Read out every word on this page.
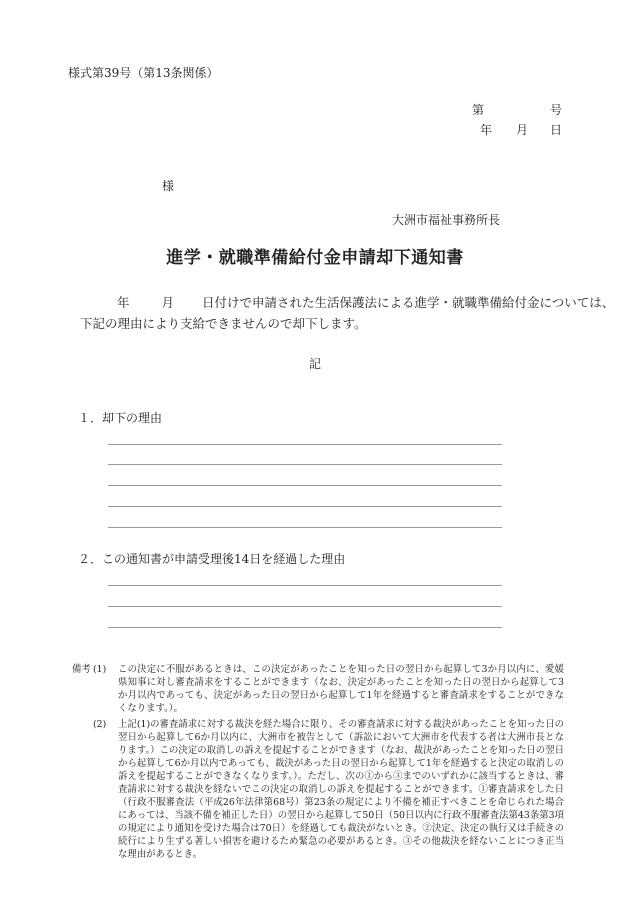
様式第39号（第13条関係）
第	号
年 月 日
様
大洲市福祉事務所長
進学・就職準備給付金申請却下通知書
年	月 日付けで申請された生活保護法による進学・就職準備給付金については、
下記の理由により支給できませんので却下します。
記
１．却下の理由
２．この通知書が申請受理後14日を経過した理由
備考 (1) この決定に不服があるときは、この決定があったことを知った日の翌日から起算して3か月以内に、愛媛県知事に対し審査請求をすることができます（なお、決定があったことを知った日の翌日から起算して3か月以内であっても、決定があった日の翌日から起算して1年を経過すると審査請求をすることができなくなります。）。
(2) 上記(1)の審査請求に対する裁決を経た場合に限り、その審査請求に対する裁決があったことを知った日の翌日から起算して6か月以内に、大洲市を被告として（訴訟において大洲市を代表する者は大洲市長となります。）この決定の取消しの訴えを提起することができます（なお、裁決があったことを知った日の翌日から起算して6か月以内であっても、裁決があった日の翌日から起算して1年を経過すると決定の取消しの訴えを提起することができなくなります。）。ただし、次の①から③までのいずれかに該当するときは、審査請求に対する裁決を経ないでこの決定の取消しの訴えを提起することができます。①審査請求をした日（行政不服審査法（平成26年法律第68号）第23条の規定により不備を補正すべきことを命じられた場合にあっては、当該不備を補正した日）の翌日から起算して50日（50日以内に行政不服審査法第43条第3項の規定により通知を受けた場合は70日）を経過しても裁決がないとき。②決定、決定の執行又は手続きの続行により生ずる著しい損害を避けるため緊急の必要があるとき。③その他裁決を経ないことにつき正当な理由があるとき。
